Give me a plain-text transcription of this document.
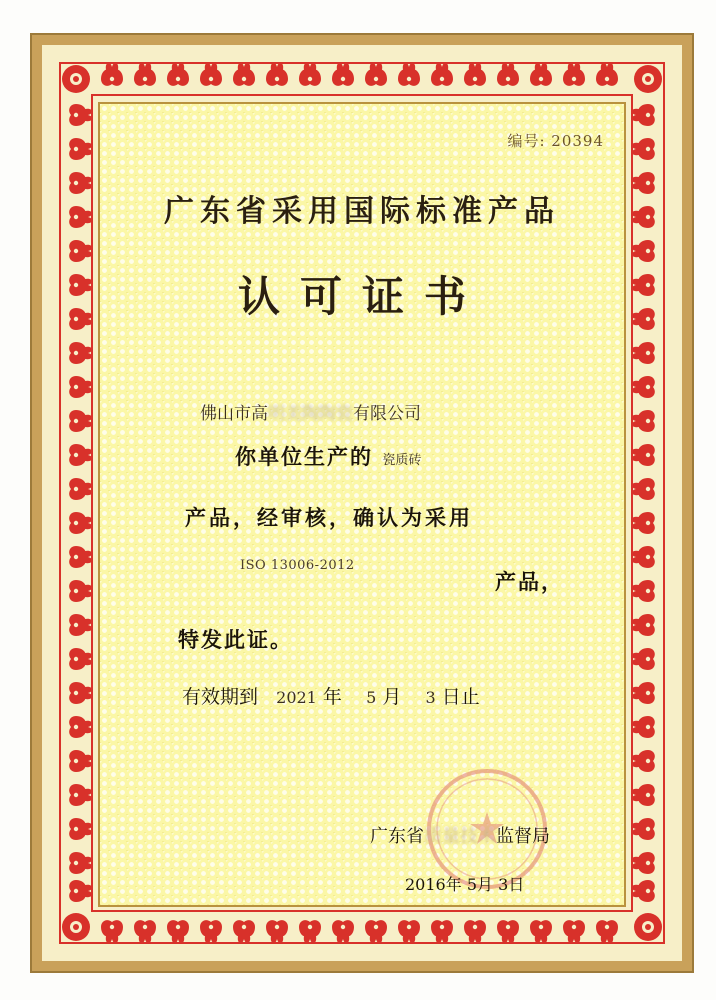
编号: 20394
广东省采用国际标准产品
认可证书
佛山市高明美陶陶瓷有限公司
你单位生产的 瓷质砖
产品，经审核，确认为采用
ISO 13006-2012
产品，
特发此证。
有效期到 2021 年 5 月 3 日止
广东省质量技术监督局
2016年 5月 3日
